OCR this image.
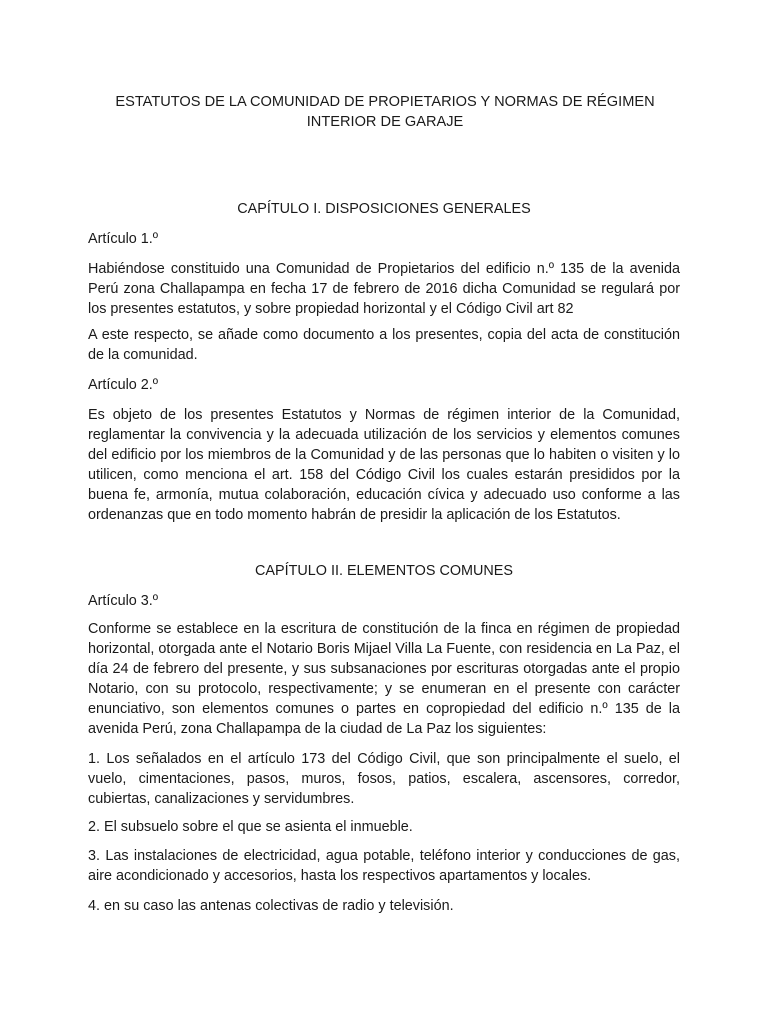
ESTATUTOS DE LA COMUNIDAD DE PROPIETARIOS Y NORMAS DE RÉGIMEN
INTERIOR DE GARAJE
CAPÍTULO I. DISPOSICIONES GENERALES
Artículo 1.º

Habiéndose constituido una Comunidad de Propietarios del edificio n.º 135 de la avenida Perú zona Challapampa en fecha 17 de febrero de 2016 dicha Comunidad se regulará por los presentes estatutos, y sobre propiedad horizontal y el Código Civil art 82

A este respecto, se añade como documento a los presentes, copia del acta de constitución de la comunidad.

Artículo 2.º

Es objeto de los presentes Estatutos y Normas de régimen interior de la Comunidad, reglamentar la convivencia y la adecuada utilización de los servicios y elementos comunes del edificio por los miembros de la Comunidad y de las personas que lo habiten o visiten y lo utilicen, como menciona el art. 158 del Código Civil los cuales estarán presididos por la buena fe, armonía, mutua colaboración, educación cívica y adecuado uso conforme a las ordenanzas que en todo momento habrán de presidir la aplicación de los Estatutos.

CAPÍTULO II. ELEMENTOS COMUNES
Artículo 3.º

Conforme se establece en la escritura de constitución de la finca en régimen de propiedad horizontal, otorgada ante el Notario Boris Mijael Villa La Fuente, con residencia en La Paz, el día 24 de febrero del presente, y sus subsanaciones por escrituras otorgadas ante el propio Notario, con su protocolo, respectivamente; y se enumeran en el presente con carácter enunciativo, son elementos comunes o partes en copropiedad del edificio n.º 135 de la avenida Perú, zona Challapampa de la ciudad de La Paz los siguientes:

1. Los señalados en el artículo 173 del Código Civil, que son principalmente el suelo, el vuelo, cimentaciones, pasos, muros, fosos, patios, escalera, ascensores, corredor, cubiertas, canalizaciones y servidumbres.

2. El subsuelo sobre el que se asienta el inmueble.

3. Las instalaciones de electricidad, agua potable, teléfono interior y conducciones de gas, aire acondicionado y accesorios, hasta los respectivos apartamentos y locales.

4. en su caso las antenas colectivas de radio y televisión.
